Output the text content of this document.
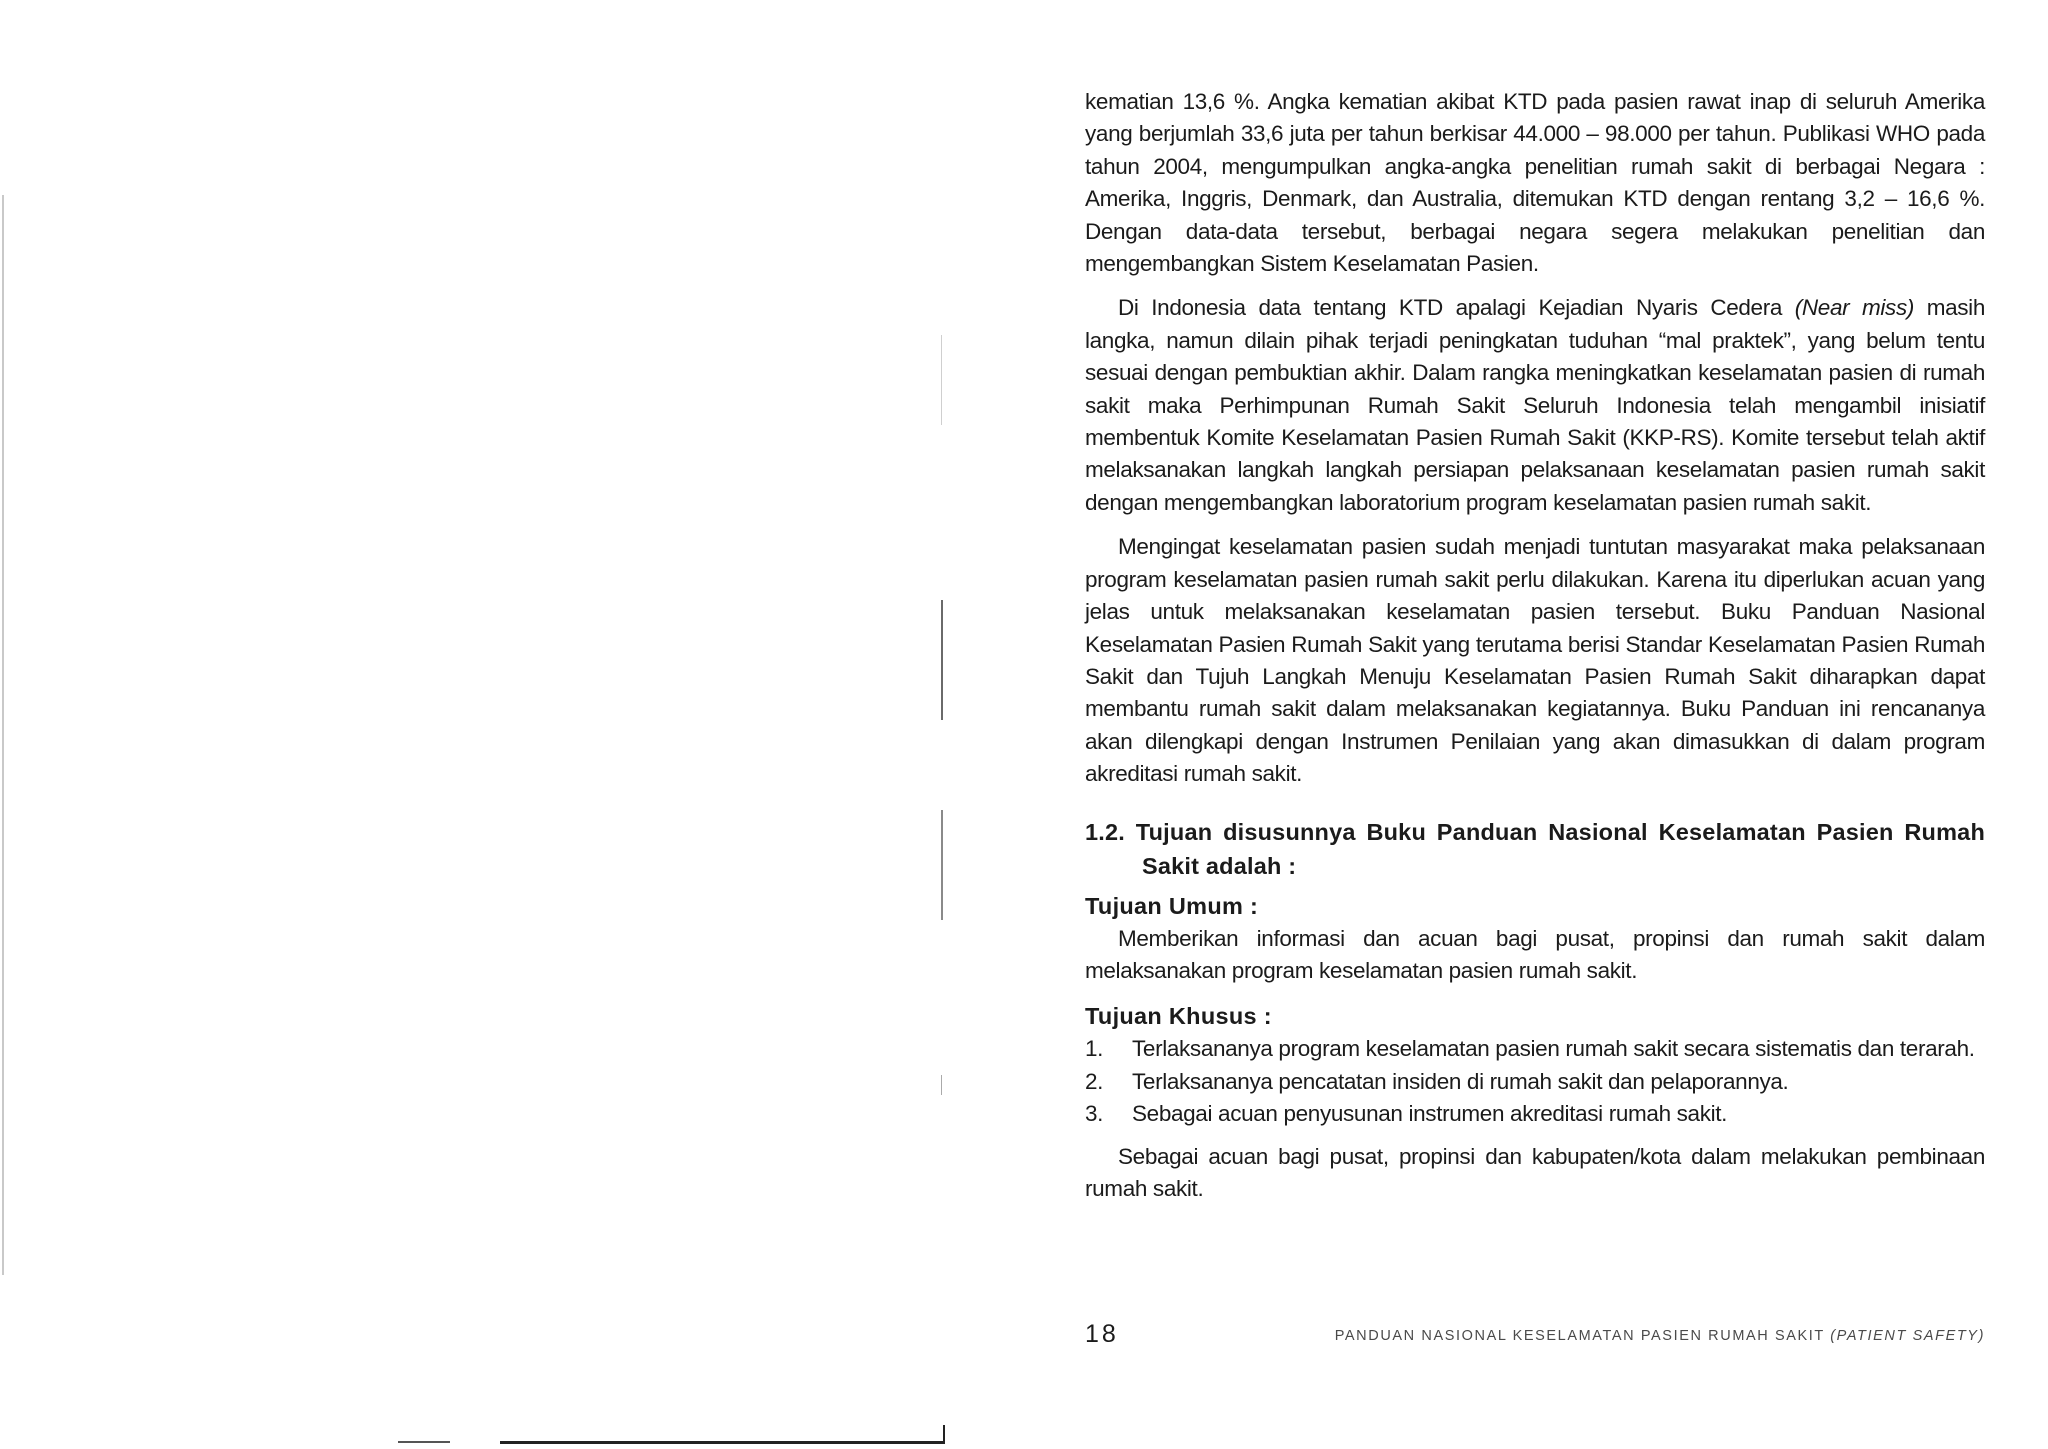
kematian 13,6 %. Angka kematian akibat KTD pada pasien rawat inap di seluruh Amerika yang berjumlah 33,6 juta per tahun berkisar 44.000 – 98.000 per tahun. Publikasi WHO pada tahun 2004, mengumpulkan angka-angka penelitian rumah sakit di berbagai Negara : Amerika, Inggris, Denmark, dan Australia, ditemukan KTD dengan rentang 3,2 – 16,6 %. Dengan data-data tersebut, berbagai negara segera melakukan penelitian dan mengembangkan Sistem Keselamatan Pasien.

Di Indonesia data tentang KTD apalagi Kejadian Nyaris Cedera (Near miss) masih langka, namun dilain pihak terjadi peningkatan tuduhan “mal praktek”, yang belum tentu sesuai dengan pembuktian akhir. Dalam rangka meningkatkan keselamatan pasien di rumah sakit maka Perhimpunan Rumah Sakit Seluruh Indonesia telah mengambil inisiatif membentuk Komite Keselamatan Pasien Rumah Sakit (KKP-RS). Komite tersebut telah aktif melaksanakan langkah langkah persiapan pelaksanaan keselamatan pasien rumah sakit dengan mengembangkan laboratorium program keselamatan pasien rumah sakit.

Mengingat keselamatan pasien sudah menjadi tuntutan masyarakat maka pelaksanaan program keselamatan pasien rumah sakit perlu dilakukan. Karena itu diperlukan acuan yang jelas untuk melaksanakan keselamatan pasien tersebut. Buku Panduan Nasional Keselamatan Pasien Rumah Sakit yang terutama berisi Standar Keselamatan Pasien Rumah Sakit dan Tujuh Langkah Menuju Keselamatan Pasien Rumah Sakit diharapkan dapat membantu rumah sakit dalam melaksanakan kegiatannya. Buku Panduan ini rencananya akan dilengkapi dengan Instrumen Penilaian yang akan dimasukkan di dalam program akreditasi rumah sakit.

1.2. Tujuan disusunnya Buku Panduan Nasional Keselamatan Pasien Rumah Sakit adalah :
Tujuan Umum :

Memberikan informasi dan acuan bagi pusat, propinsi dan rumah sakit dalam melaksanakan program keselamatan pasien rumah sakit.

Tujuan Khusus :
1.	Terlaksananya program keselamatan pasien rumah sakit secara sistematis dan terarah.
2.	Terlaksananya pencatatan insiden di rumah sakit dan pelaporannya.
3.	Sebagai acuan penyusunan instrumen akreditasi rumah sakit.

Sebagai acuan bagi pusat, propinsi dan kabupaten/kota dalam melakukan pembinaan rumah sakit.

18	PANDUAN NASIONAL KESELAMATAN PASIEN RUMAH SAKIT (PATIENT SAFETY)
